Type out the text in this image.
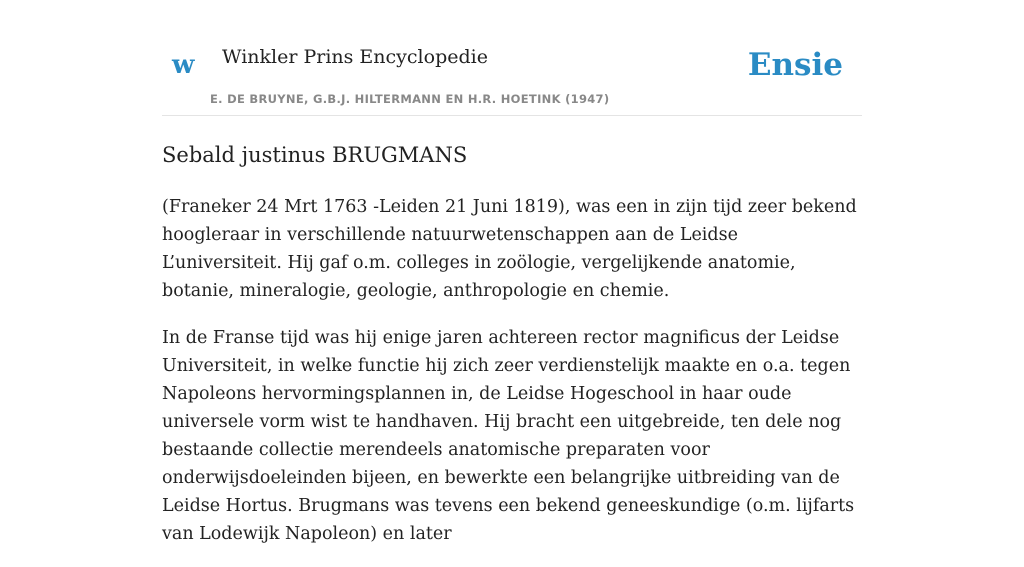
w Winkler Prins Encyclopedie
E. DE BRUYNE, G.B.J. HILTERMANN EN H.R. HOETINK (1947)
Ensie
Sebald justinus BRUGMANS

(Franeker 24 Mrt 1763 -Leiden 21 Juni 1819), was een in zijn tijd zeer bekend hoogleraar in verschillende natuurwetenschappen aan de Leidse L’universiteit. Hij gaf o.m. colleges in zoölogie, vergelijkende anatomie, botanie, mineralogie, geologie, anthropologie en chemie.

In de Franse tijd was hij enige jaren achtereen rector magnificus der Leidse Universiteit, in welke functie hij zich zeer verdienstelijk maakte en o.a. tegen Napoleons hervormingsplannen in, de Leidse Hogeschool in haar oude universele vorm wist te handhaven. Hij bracht een uitgebreide, ten dele nog bestaande collectie merendeels anatomische preparaten voor onderwijsdoeleinden bijeen, en bewerkte een belangrijke uitbreiding van de Leidse Hortus. Brugmans was tevens een bekend geneeskundige (o.m. lijfarts van Lodewijk Napoleon) en later
